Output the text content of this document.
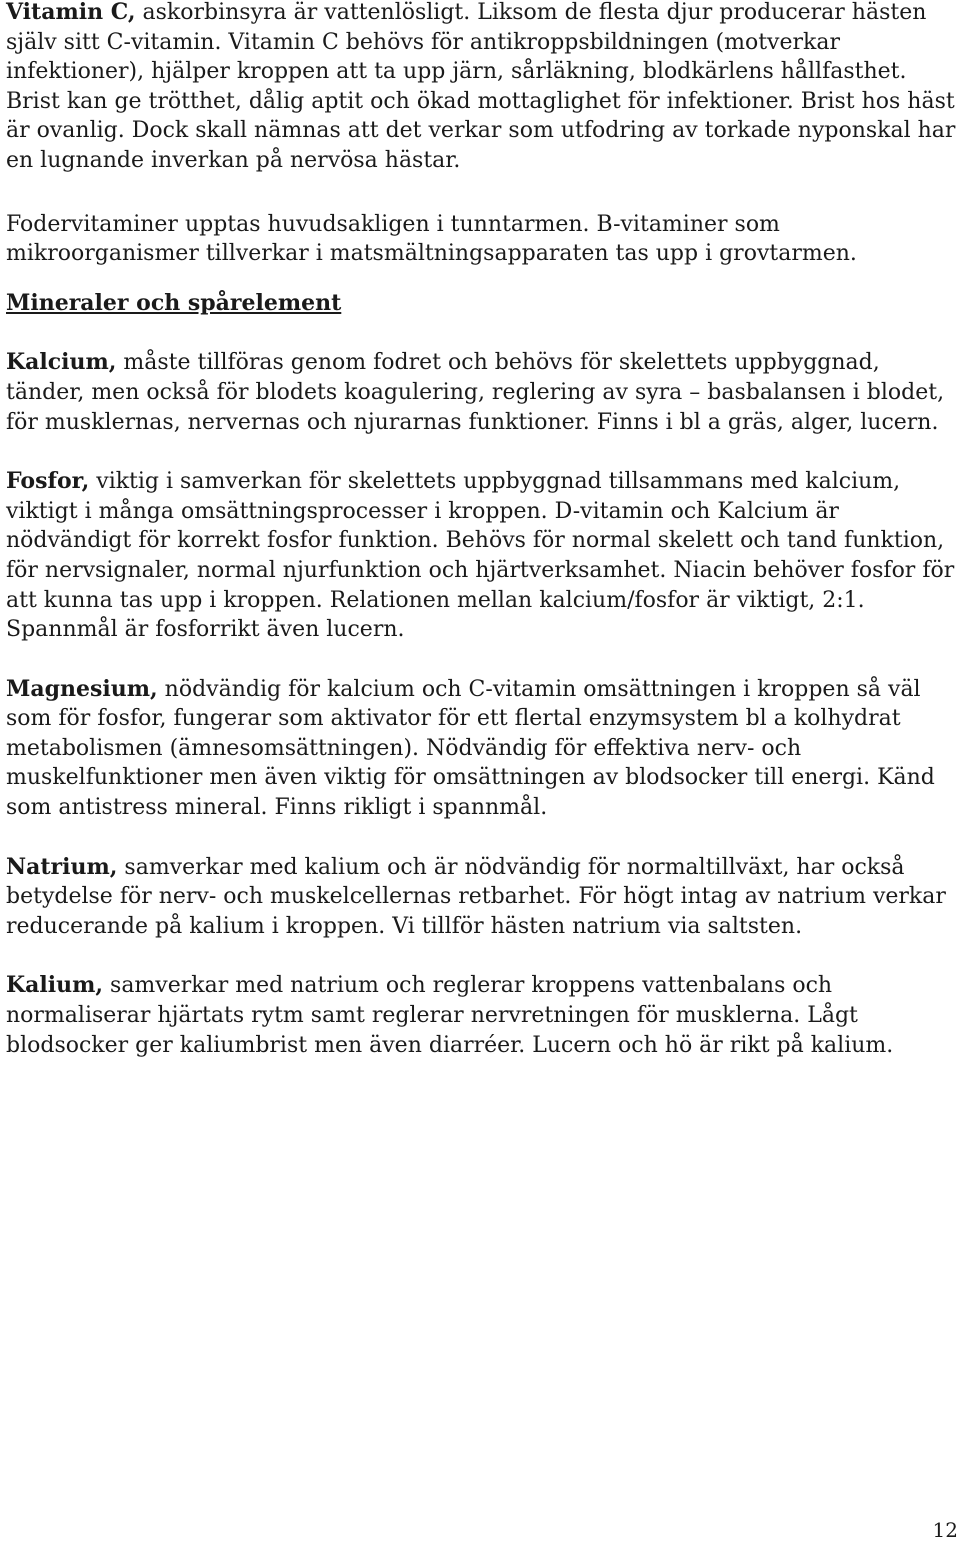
Vitamin C, askorbinsyra är vattenlösligt. Liksom de flesta djur producerar hästen själv sitt C-vitamin. Vitamin C behövs för antikroppsbildningen (motverkar infektioner), hjälper kroppen att ta upp järn, sårläkning, blodkärlens hållfasthet. Brist kan ge trötthet, dålig aptit och ökad mottaglighet för infektioner. Brist hos häst är ovanlig. Dock skall nämnas att det verkar som utfodring av torkade nyponskal har en lugnande inverkan på nervösa hästar.

Fodervitaminer upptas huvudsakligen i tunntarmen. B-vitaminer som mikroorganismer tillverkar i matsmältningsapparaten tas upp i grovtarmen.

Mineraler och spårelement

Kalcium, måste tillföras genom fodret och behövs för skelettets uppbyggnad, tänder, men också för blodets koagulering, reglering av syra – basbalansen i blodet, för musklernas, nervernas och njurarnas funktioner. Finns i bl a gräs, alger, lucern.

Fosfor, viktig i samverkan för skelettets uppbyggnad tillsammans med kalcium, viktigt i många omsättningsprocesser i kroppen. D-vitamin och Kalcium är nödvändigt för korrekt fosfor funktion. Behövs för normal skelett och tand funktion, för nervsignaler, normal njurfunktion och hjärtverksamhet. Niacin behöver fosfor för att kunna tas upp i kroppen. Relationen mellan kalcium/fosfor är viktigt, 2:1. Spannmål är fosforrikt även lucern.

Magnesium, nödvändig för kalcium och C-vitamin omsättningen i kroppen så väl som för fosfor, fungerar som aktivator för ett flertal enzymsystem bl a kolhydrat metabolismen (ämnesomsättningen). Nödvändig för effektiva nerv- och muskelfunktioner men även viktig för omsättningen av blodsocker till energi. Känd som antistress mineral. Finns rikligt i spannmål.

Natrium, samverkar med kalium och är nödvändig för normaltillväxt, har också betydelse för nerv- och muskelcellernas retbarhet. För högt intag av natrium verkar reducerande på kalium i kroppen. Vi tillför hästen natrium via saltsten.

Kalium, samverkar med natrium och reglerar kroppens vattenbalans och normaliserar hjärtats rytm samt reglerar nervretningen för musklerna. Lågt blodsocker ger kaliumbrist men även diarréer. Lucern och hö är rikt på kalium.

12
